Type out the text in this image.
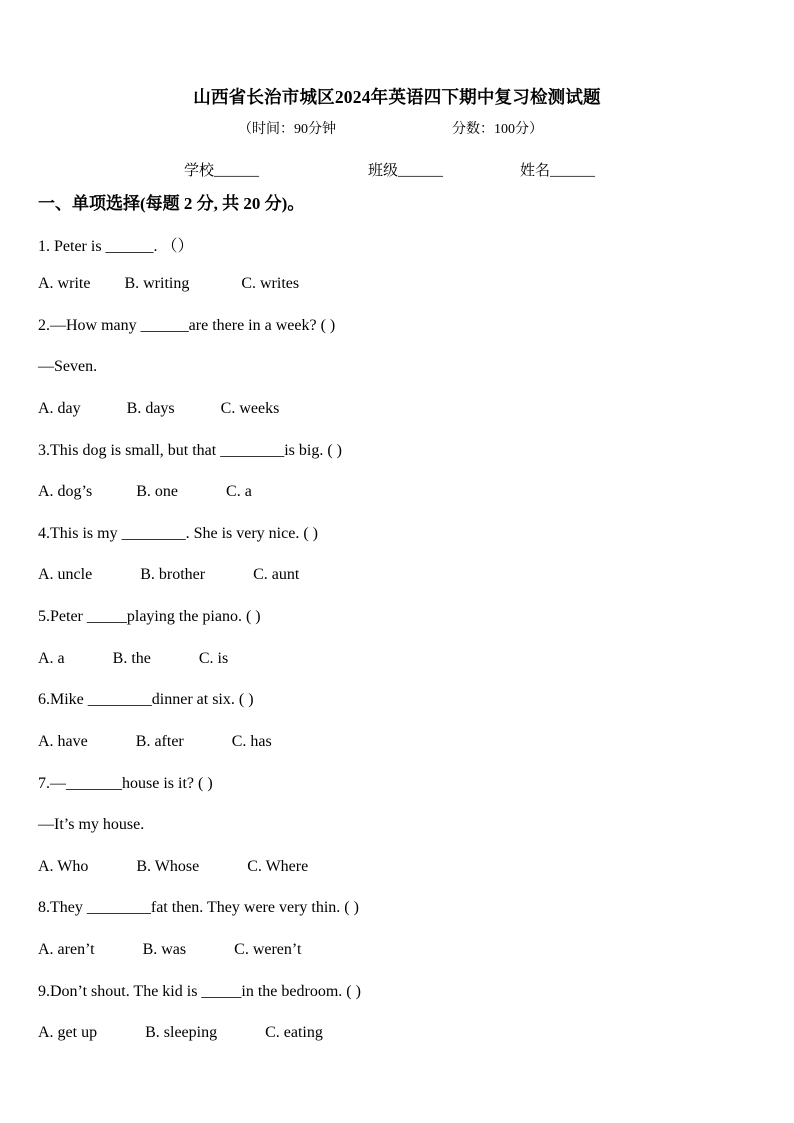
山西省长治市城区2024年英语四下期中复习检测试题
（时间：90分钟	分数：100分）
学校______	班级______	姓名______
一、单项选择(每题 2 分, 共 20 分)。
1. Peter is ______. （）
A. write B. writing	C. writes
2.—How many ______are there in a week? ( )
—Seven.
A. day	B. days	C. weeks
3.This dog is small, but that ________is big. ( )
A. dog’s	B. one	C. a
4.This is my ________. She is very nice. ( )
A. uncle	B. brother	C. aunt
5.Peter _____playing the piano. ( )
A. a	B. the	C. is
6.Mike ________dinner at six. ( )
A. have	B. after	C. has
7.—_______house is it? ( )
—It’s my house.
A. Who	B. Whose	C. Where
8.They ________fat then. They were very thin. ( )
A. aren’t	B. was	C. weren’t
9.Don’t shout. The kid is _____in the bedroom. ( )
A. get up	B. sleeping	C. eating
